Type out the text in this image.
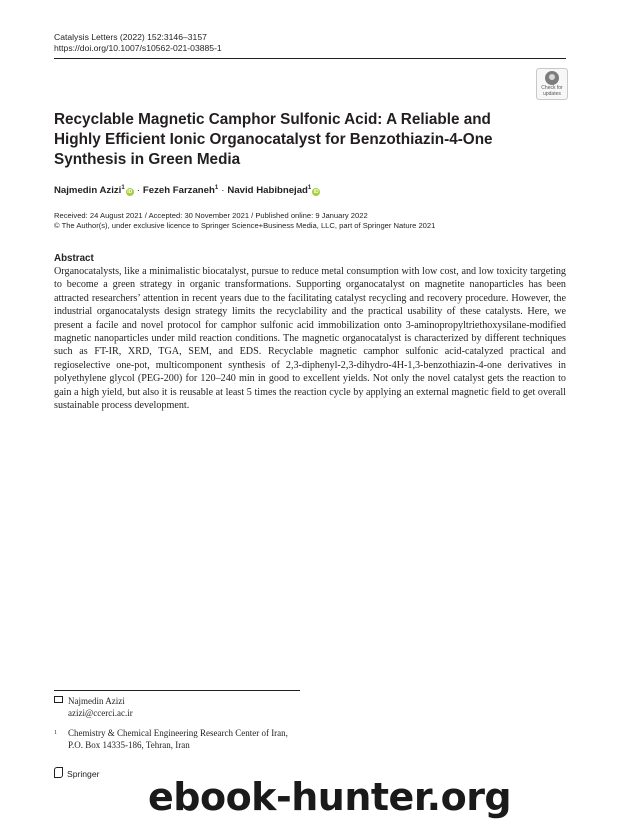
Catalysis Letters (2022) 152:3146–3157
https://doi.org/10.1007/s10562-021-03885-1
Check for
updates
Recyclable Magnetic Camphor Sulfonic Acid: A Reliable and Highly Efficient Ionic Organocatalyst for Benzothiazin-4-One Synthesis in Green Media
Najmedin Azizi$^1$iD · Fezeh Farzaneh$^1$ · Navid Habibnejad$^1$iD
Received: 24 August 2021 / Accepted: 30 November 2021 / Published online: 9 January 2022
© The Author(s), under exclusive licence to Springer Science+Business Media, LLC, part of Springer Nature 2021
Abstract
Organocatalysts, like a minimalistic biocatalyst, pursue to reduce metal consumption with low cost, and low toxicity targeting to become a green strategy in organic transformations. Supporting organocatalyst on magnetite nanoparticles has been attracted researchers’ attention in recent years due to the facilitating catalyst recycling and recovery procedure. However, the industrial organocatalysts design strategy limits the recyclability and the practical usability of these catalysts. Here, we present a facile and novel protocol for camphor sulfonic acid immobilization onto 3-aminopropyltriethoxysilane-modified magnetic nanoparticles under mild reaction conditions. The magnetic organocatalyst is characterized by different techniques such as FT-IR, XRD, TGA, SEM, and EDS. Recyclable magnetic camphor sulfonic acid-catalyzed practical and regioselective one-pot, multicomponent synthesis of 2,3-diphenyl-2,3-dihydro-4H-1,3-benzothiazin-4-one derivatives in polyethylene glycol (PEG-200) for 120–240 min in good to excellent yields. Not only the novel catalyst gets the reaction to gain a high yield, but also it is reusable at least 5 times the reaction cycle by applying an external magnetic field to get overall sustainable process development.
Najmedin Azizi
azizi@ccerci.ac.ir
1 Chemistry & Chemical Engineering Research Center of Iran,
P.O. Box 14335-186, Tehran, Iran
Springer
ebook-hunter.org
